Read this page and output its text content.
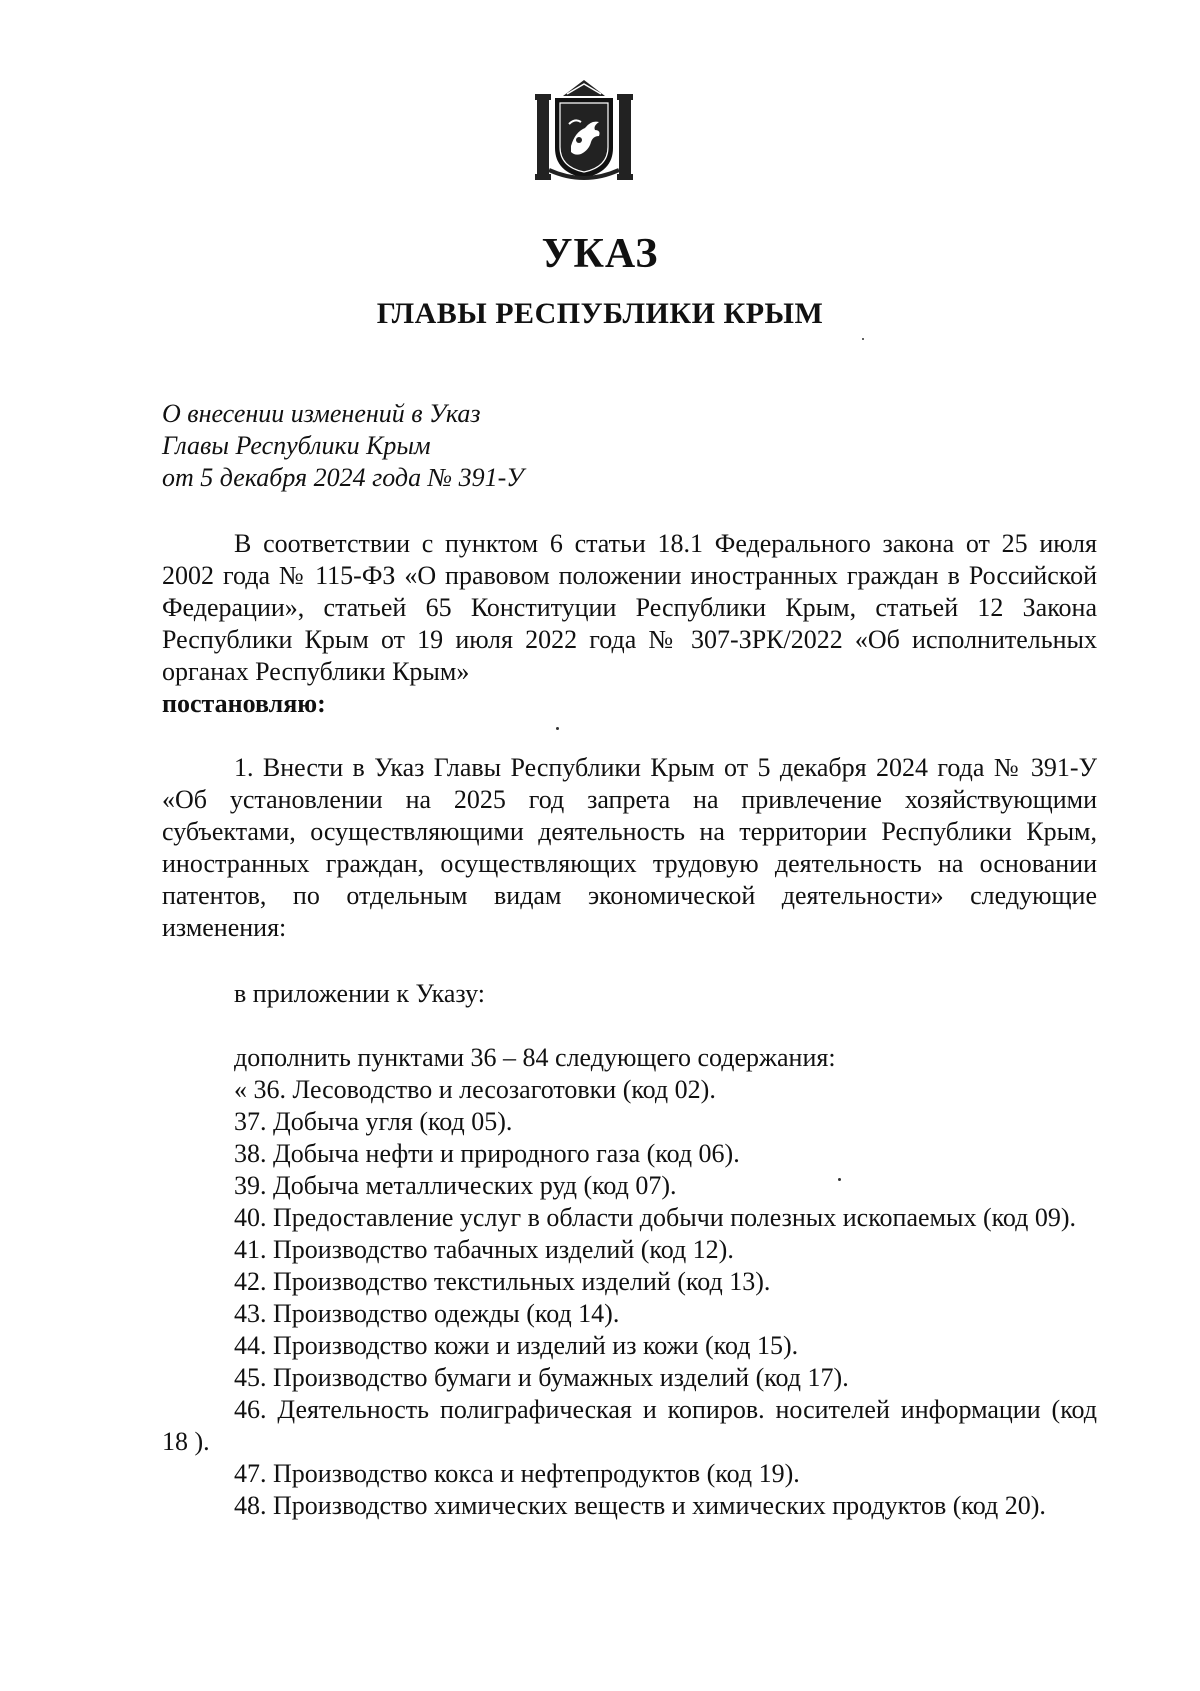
УКАЗ
ГЛАВЫ РЕСПУБЛИКИ КРЫМ
О внесении изменений в Указ
Главы Республики Крым
от 5 декабря 2024 года № 391-У
В соответствии с пунктом 6 статьи 18.1 Федерального закона от 25 июля 2002 года № 115-ФЗ «О правовом положении иностранных граждан в Российской Федерации», статьей 65 Конституции Республики Крым, статьей 12 Закона Республики Крым от 19 июля 2022 года № 307-ЗРК/2022 «Об исполнительных органах Республики Крым»
постановляю:
1. Внести в Указ Главы Республики Крым от 5 декабря 2024 года № 391-У «Об установлении на 2025 год запрета на привлечение хозяйствующими субъектами, осуществляющими деятельность на территории Республики Крым, иностранных граждан, осуществляющих трудовую деятельность на основании патентов, по отдельным видам экономической деятельности» следующие изменения:
в приложении к Указу:
дополнить пунктами 36 – 84 следующего содержания:
« 36. Лесоводство и лесозаготовки (код 02).
37. Добыча угля (код 05).
38. Добыча нефти и природного газа (код 06).
39. Добыча металлических руд (код 07).
40. Предоставление услуг в области добычи полезных ископаемых (код 09).
41. Производство табачных изделий (код 12).
42. Производство текстильных изделий (код 13).
43. Производство одежды (код 14).
44. Производство кожи и изделий из кожи (код 15).
45. Производство бумаги и бумажных изделий (код 17).
46. Деятельность полиграфическая и копиров. носителей информации (код 18 ).
47. Производство кокса и нефтепродуктов (код 19).
48. Производство химических веществ и химических продуктов (код 20).
